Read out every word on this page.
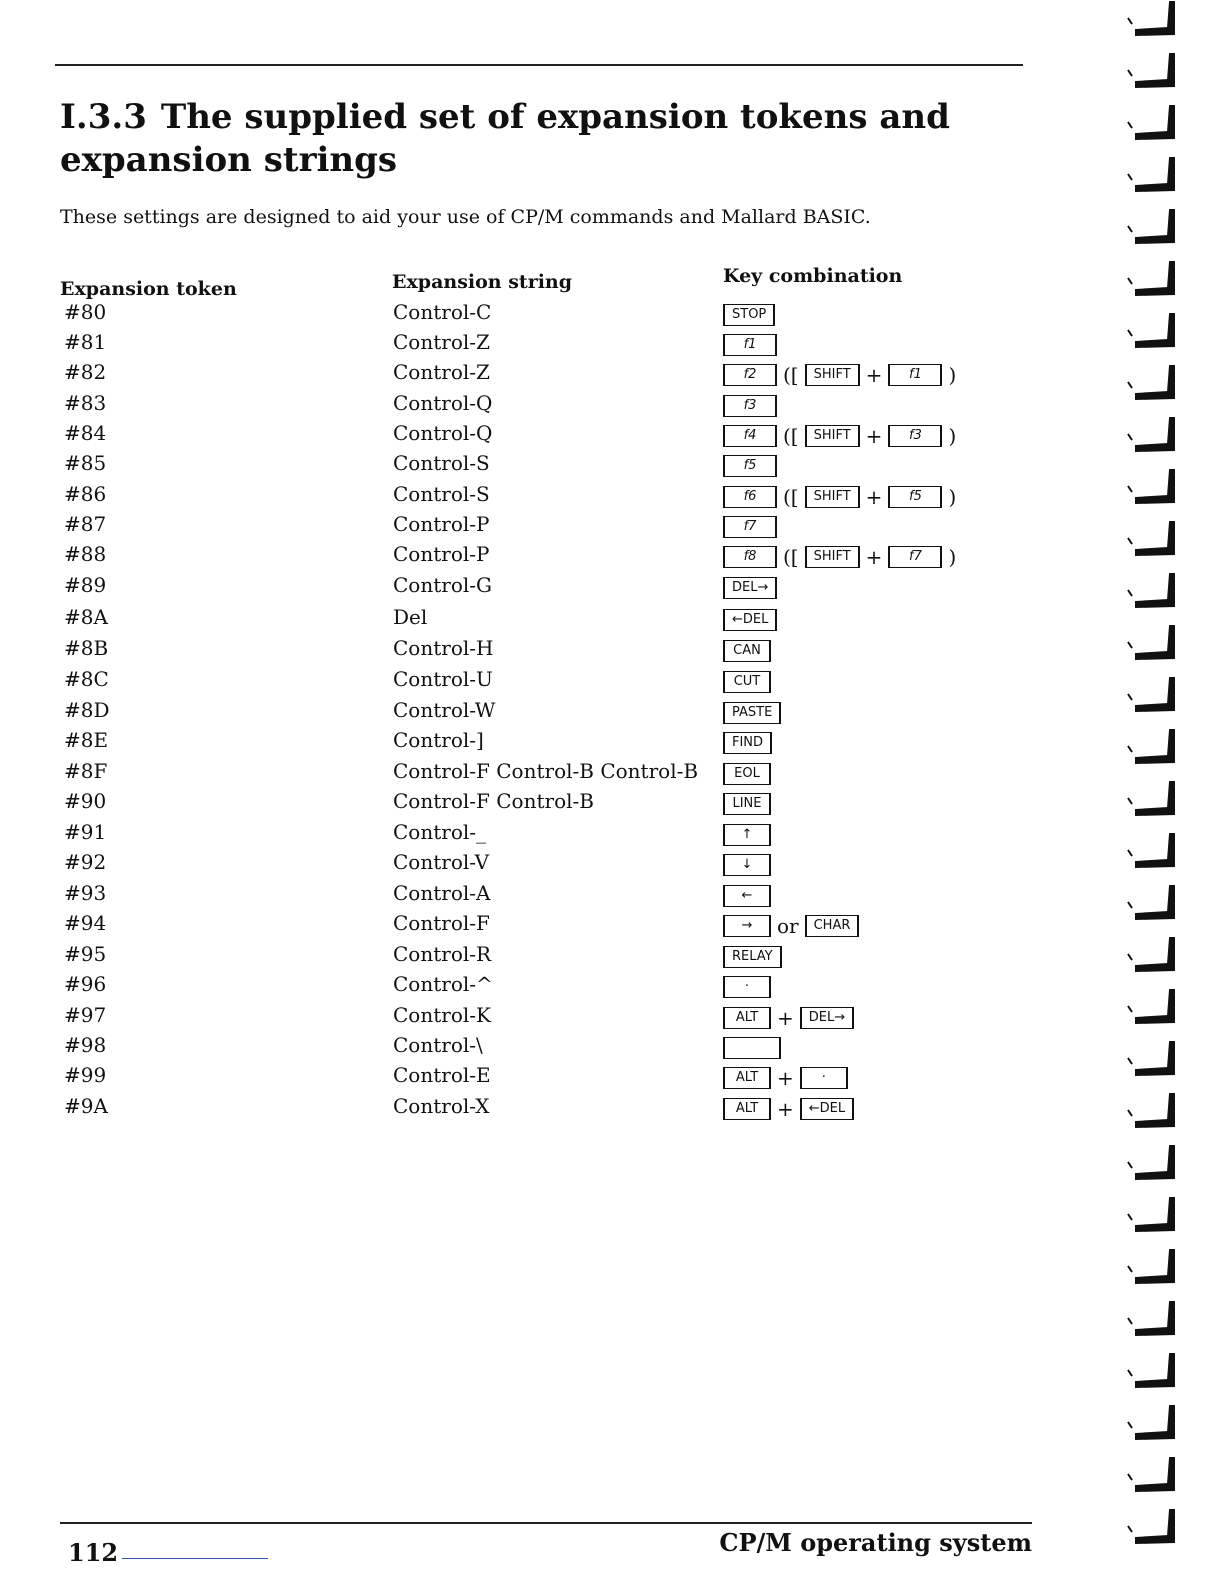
I.3.3 The supplied set of expansion tokens and expansion strings

These settings are designed to aid your use of CP/M commands and Mallard BASIC.

Expansion token	Expansion string	Key combination
#80	Control-C	STOP
#81	Control-Z	f1
#82	Control-Z	f2	([	SHIFT +	f1	)
#83	Control-Q	f3
#84	Control-Q	f4	([	SHIFT +	f3	)
#85	Control-S	f5
#86	Control-S	f6	([	SHIFT +	f5	)
#87	Control-P	f7
#88	Control-P	f8	([	SHIFT +	f7	)
#89	Control-G	DEL→
#8A	Del	←DEL
#8B	Control-H	CAN
#8C	Control-U	CUT
#8D	Control-W	PASTE
#8E	Control-]	FIND
#8F	Control-F Control-B Control-B	EOL
#90	Control-F Control-B	LINE
#91	Control-_	↑
#92	Control-V	↓
#93	Control-A	←
#94	Control-F	→	or	CHAR
#95	Control-R	RELAY
#96	Control-^	·
#97	Control-K	ALT +	DEL→
#98	Control-\
#99	Control-E	ALT +	·
#9A	Control-X	ALT +	←DEL
112	CP/M operating system
